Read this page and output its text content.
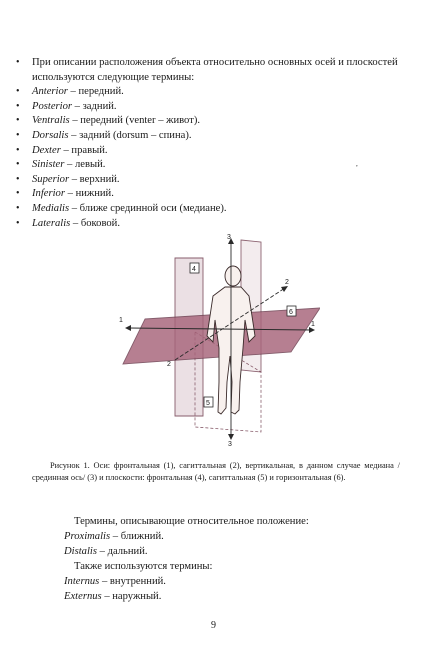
• При описании расположения объекта относительно основных осей и плоскостей используются следующие термины:
• Anterior – передний.
• Posterior – задний.
• Ventralis – передний (venter – живот).
• Dorsalis – задний (dorsum – спина).
• Dexter – правый.
• Sinister – левый.
• Superior – верхний.
• Inferior – нижний.
• Medialis – ближе срединной оси (медиане).
• Lateralis – боковой.
,
3
3
1
1
2
2
4
6
5
Рисунок 1. Оси: фронтальная (1), сагиттальная (2), вертикальная, в данном случае медиана /срединная ось/ (3) и плоскости: фронтальная (4), сагиттальная (5) и горизонтальная (6).
Термины, описывающие относительное положение:
Proximalis – ближний.
Distalis – дальний.
Также используются термины:
Internus – внутренний.
Externus – наружный.
9
